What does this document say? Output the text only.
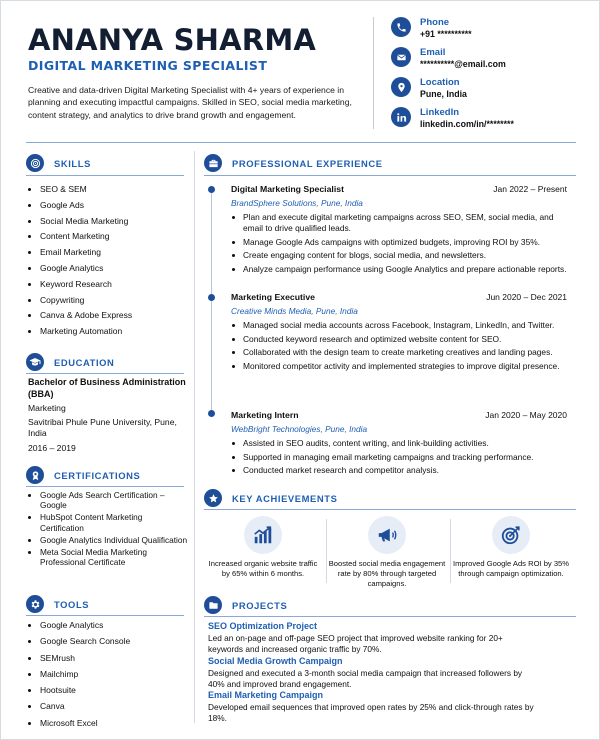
ANANYA SHARMA
DIGITAL MARKETING SPECIALIST
Creative and data-driven Digital Marketing Specialist with 4+ years of experience in planning and executing impactful campaigns. Skilled in SEO, social media marketing, content strategy, and analytics to drive brand growth and engagement.
Phone
+91 **********
Email
**********@email.com
Location
Pune, India
LinkedIn
linkedin.com/in/********
SKILLS
SEO & SEM
Google Ads
Social Media Marketing
Content Marketing
Email Marketing
Google Analytics
Keyword Research
Copywriting
Canva & Adobe Express
Marketing Automation
EDUCATION
Bachelor of Business Administration (BBA)
Marketing
Savitribai Phule Pune University, Pune, India
2016 – 2019
CERTIFICATIONS
Google Ads Search Certification – Google
HubSpot Content Marketing Certification
Google Analytics Individual Qualification
Meta Social Media Marketing Professional Certificate
TOOLS
Google Analytics
Google Search Console
SEMrush
Mailchimp
Hootsuite
Canva
Microsoft Excel
PROFESSIONAL EXPERIENCE
Digital Marketing Specialist	Jan 2022 – Present
BrandSphere Solutions, Pune, India
Plan and execute digital marketing campaigns across SEO, SEM, social media, and email to drive qualified leads.
Manage Google Ads campaigns with optimized budgets, improving ROI by 35%.
Create engaging content for blogs, social media, and newsletters.
Analyze campaign performance using Google Analytics and prepare actionable reports.
Marketing Executive	Jun 2020 – Dec 2021
Creative Minds Media, Pune, India
Managed social media accounts across Facebook, Instagram, LinkedIn, and Twitter.
Conducted keyword research and optimized website content for SEO.
Collaborated with the design team to create marketing creatives and landing pages.
Monitored competitor activity and implemented strategies to improve digital presence.
Marketing Intern	Jan 2020 – May 2020
WebBright Technologies, Pune, India
Assisted in SEO audits, content writing, and link-building activities.
Supported in managing email marketing campaigns and tracking performance.
Conducted market research and competitor analysis.
KEY ACHIEVEMENTS
Increased organic website traffic by 65% within 6 months.
Boosted social media engagement rate by 80% through targeted campaigns.
Improved Google Ads ROI by 35% through campaign optimization.
PROJECTS
SEO Optimization Project
Led an on-page and off-page SEO project that improved website ranking for 20+ keywords and increased organic traffic by 70%.
Social Media Growth Campaign
Designed and executed a 3-month social media campaign that increased followers by 40% and improved brand engagement.
Email Marketing Campaign
Developed email sequences that improved open rates by 25% and click-through rates by 18%.
